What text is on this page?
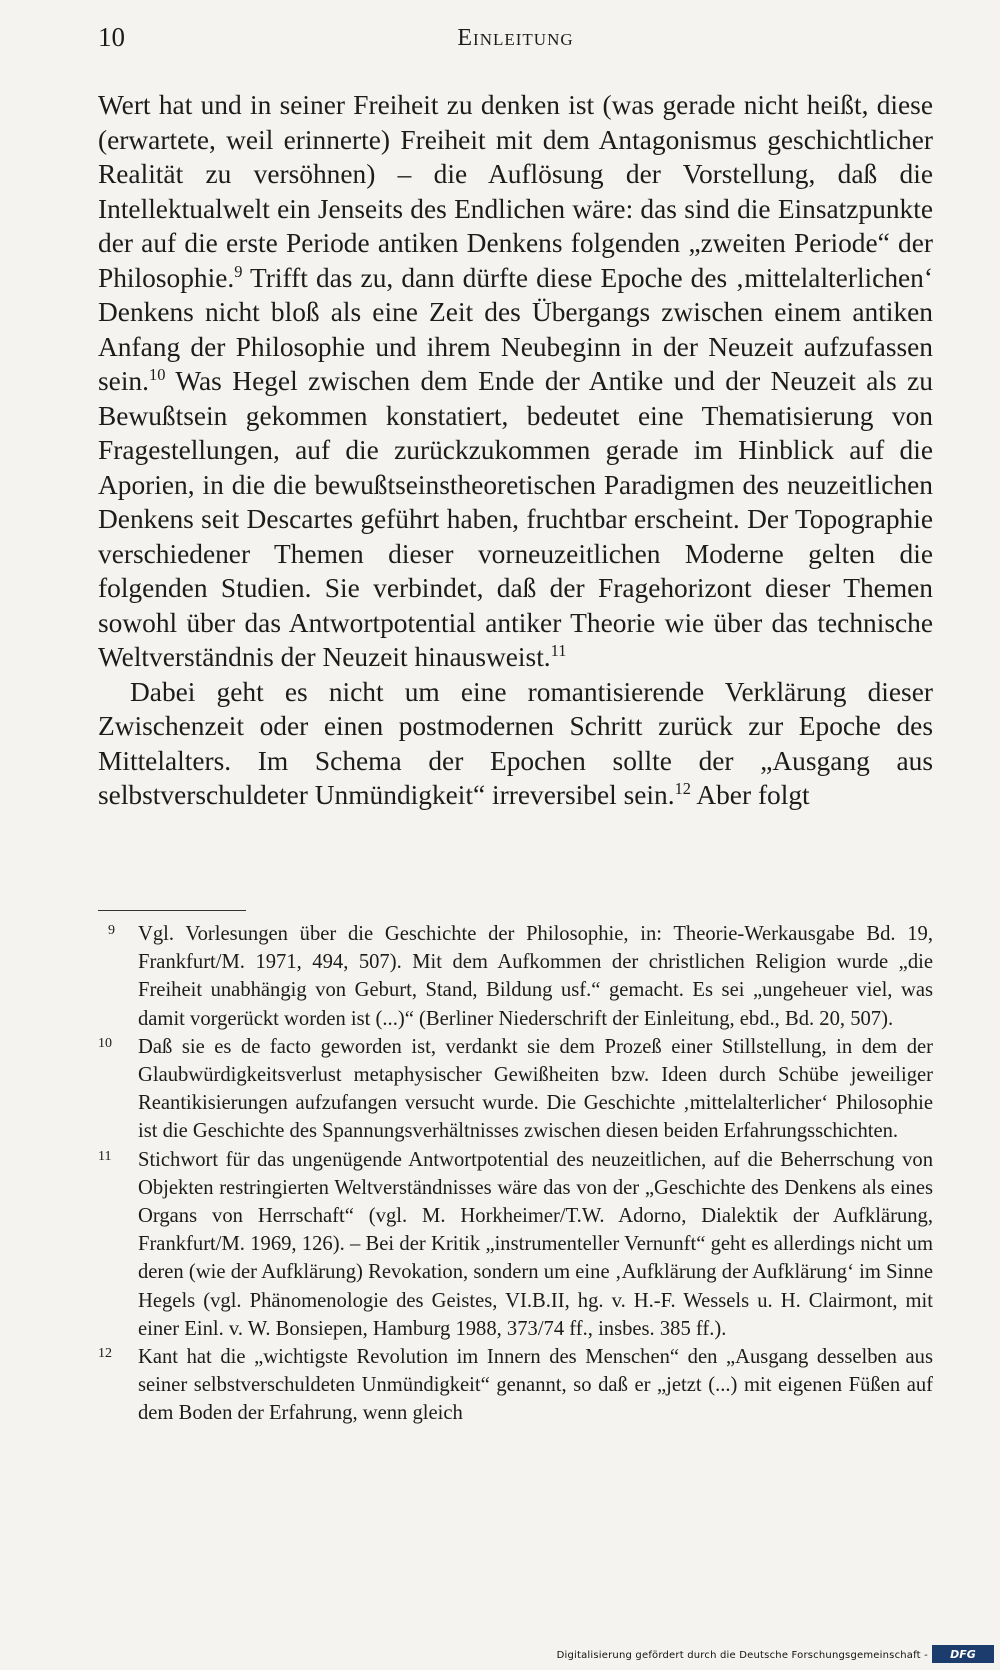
10	Einleitung

Wert hat und in seiner Freiheit zu denken ist (was gerade nicht heißt, diese (erwartete, weil erinnerte) Freiheit mit dem Antagonismus geschichtlicher Realität zu versöhnen) – die Auflösung der Vorstellung, daß die Intellektualwelt ein Jenseits des Endlichen wäre: das sind die Einsatzpunkte der auf die erste Periode antiken Denkens folgenden „zweiten Periode“ der Philosophie.$^9$ Trifft das zu, dann dürfte diese Epoche des ‚mittelalterlichen‘ Denkens nicht bloß als eine Zeit des Übergangs zwischen einem antiken Anfang der Philosophie und ihrem Neubeginn in der Neuzeit aufzufassen sein.$^{10}$ Was Hegel zwischen dem Ende der Antike und der Neuzeit als zu Bewußtsein gekommen konstatiert, bedeutet eine Thematisierung von Fragestellungen, auf die zurückzukommen gerade im Hinblick auf die Aporien, in die die bewußtseinstheoretischen Paradigmen des neuzeitlichen Denkens seit Descartes geführt haben, fruchtbar erscheint. Der Topographie verschiedener Themen dieser vorneuzeitlichen Moderne gelten die folgenden Studien. Sie verbindet, daß der Fragehorizont dieser Themen sowohl über das Antwortpotential antiker Theorie wie über das technische Weltverständnis der Neuzeit hinausweist.$^{11}$

Dabei geht es nicht um eine romantisierende Verklärung dieser Zwischenzeit oder einen postmodernen Schritt zurück zur Epoche des Mittelalters. Im Schema der Epochen sollte der „Ausgang aus selbstverschuldeter Unmündigkeit“ irreversibel sein.$^{12}$ Aber folgt

9 Vgl. Vorlesungen über die Geschichte der Philosophie, in: Theorie-Werkausgabe Bd. 19, Frankfurt/M. 1971, 494, 507). Mit dem Aufkommen der christlichen Religion wurde „die Freiheit unabhängig von Geburt, Stand, Bildung usf.“ gemacht. Es sei „ungeheuer viel, was damit vorgerückt worden ist (...)“ (Berliner Niederschrift der Einleitung, ebd., Bd. 20, 507).
10 Daß sie es de facto geworden ist, verdankt sie dem Prozeß einer Stillstellung, in dem der Glaubwürdigkeitsverlust metaphysischer Gewißheiten bzw. Ideen durch Schübe jeweiliger Reantikisierungen aufzufangen versucht wurde. Die Geschichte ‚mittelalterlicher‘ Philosophie ist die Geschichte des Spannungsverhältnisses zwischen diesen beiden Erfahrungsschichten.
11 Stichwort für das ungenügende Antwortpotential des neuzeitlichen, auf die Beherrschung von Objekten restringierten Weltverständnisses wäre das von der „Geschichte des Denkens als eines Organs von Herrschaft“ (vgl. M. Horkheimer/T.W. Adorno, Dialektik der Aufklärung, Frankfurt/M. 1969, 126). – Bei der Kritik „instrumenteller Vernunft“ geht es allerdings nicht um deren (wie der Aufklärung) Revokation, sondern um eine ‚Aufklärung der Aufklärung‘ im Sinne Hegels (vgl. Phänomenologie des Geistes, VI.B.II, hg. v. H.-F. Wessels u. H. Clairmont, mit einer Einl. v. W. Bonsiepen, Hamburg 1988, 373/74 ff., insbes. 385 ff.).
12 Kant hat die „wichtigste Revolution im Innern des Menschen“ den „Ausgang desselben aus seiner selbstverschuldeten Unmündigkeit“ genannt, so daß er „jetzt (...) mit eigenen Füßen auf dem Boden der Erfahrung, wenn gleich
Digitalisierung gefördert durch die Deutsche Forschungsgemeinschaft -	DFG
